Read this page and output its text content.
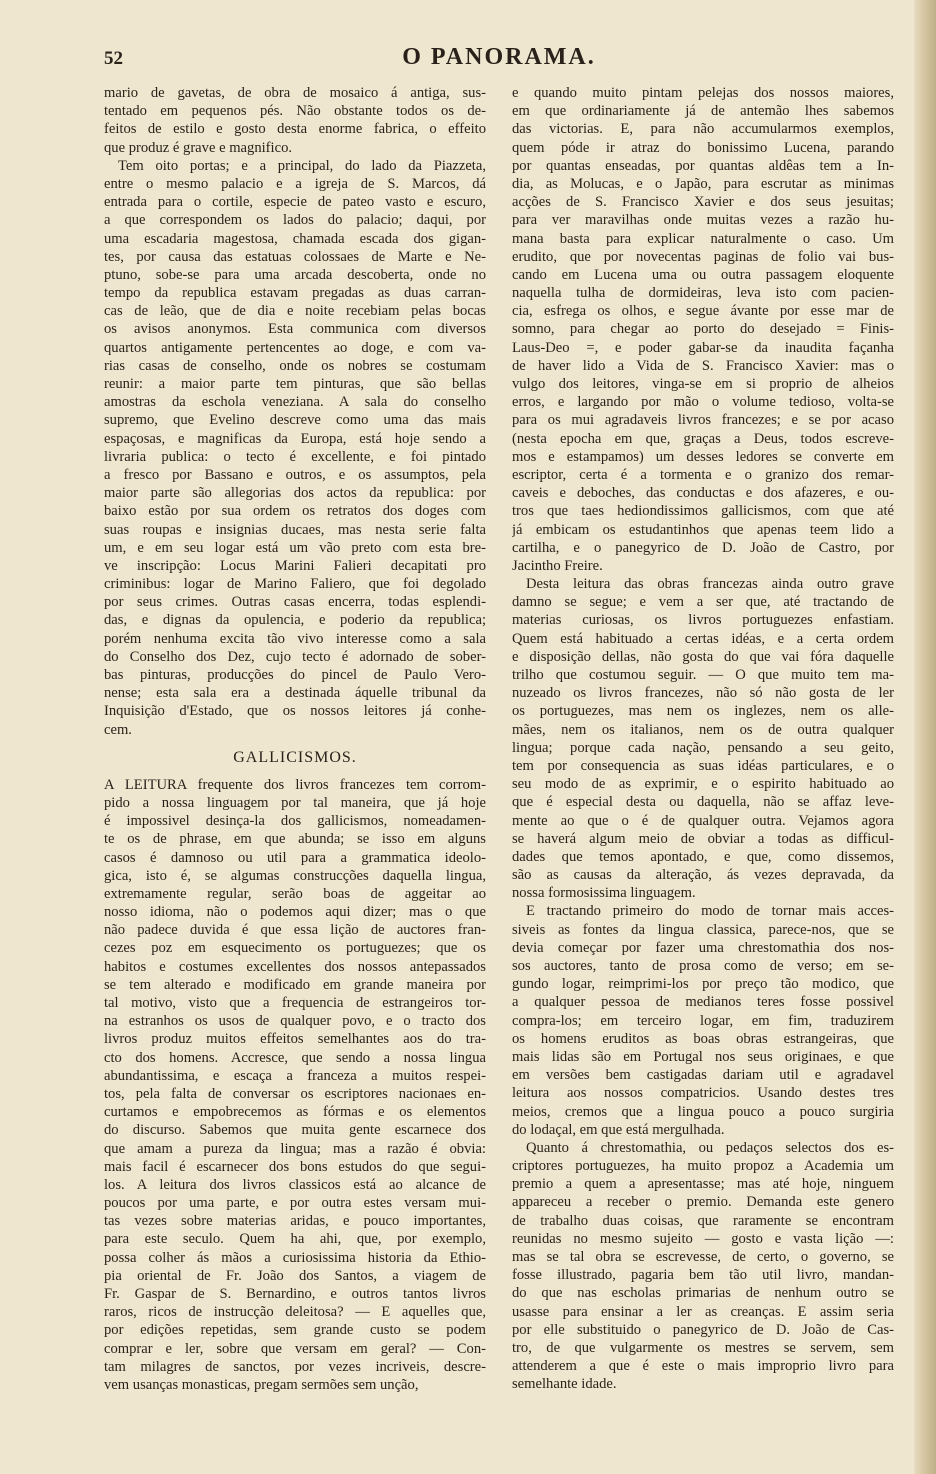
52	O PANORAMA.
mario de gavetas, de obra de mosaico á antiga, sus-
tentado em pequenos pés. Não obstante todos os de-
feitos de estilo e gosto desta enorme fabrica, o effeito
que produz é grave e magnifico.
Tem oito portas; e a principal, do lado da Piazzeta,
entre o mesmo palacio e a igreja de S. Marcos, dá
entrada para o cortile, especie de pateo vasto e escuro,
a que correspondem os lados do palacio; daqui, por
uma escadaria magestosa, chamada escada dos gigan-
tes, por causa das estatuas colossaes de Marte e Ne-
ptuno, sobe-se para uma arcada descoberta, onde no
tempo da republica estavam pregadas as duas carran-
cas de leão, que de dia e noite recebiam pelas bocas
os avisos anonymos. Esta communica com diversos
quartos antigamente pertencentes ao doge, e com va-
rias casas de conselho, onde os nobres se costumam
reunir: a maior parte tem pinturas, que são bellas
amostras da eschola veneziana. A sala do conselho
supremo, que Evelino descreve como uma das mais
espaçosas, e magnificas da Europa, está hoje sendo a
livraria publica: o tecto é excellente, e foi pintado
a fresco por Bassano e outros, e os assumptos, pela
maior parte são allegorias dos actos da republica: por
baixo estão por sua ordem os retratos dos doges com
suas roupas e insignias ducaes, mas nesta serie falta
um, e em seu logar está um vão preto com esta bre-
ve inscripção: Locus Marini Falieri decapitati pro
criminibus: logar de Marino Faliero, que foi degolado
por seus crimes. Outras casas encerra, todas esplendi-
das, e dignas da opulencia, e poderio da republica;
porém nenhuma excita tão vivo interesse como a sala
do Conselho dos Dez, cujo tecto é adornado de sober-
bas pinturas, producções do pincel de Paulo Vero-
nense; esta sala era a destinada áquelle tribunal da
Inquisição d'Estado, que os nossos leitores já conhe-
cem.
GALLICISMOS.
A LEITURA frequente dos livros francezes tem corrom-
pido a nossa linguagem por tal maneira, que já hoje
é impossivel desinça-la dos gallicismos, nomeadamen-
te os de phrase, em que abunda; se isso em alguns
casos é damnoso ou util para a grammatica ideolo-
gica, isto é, se algumas construcções daquella lingua,
extremamente regular, serão boas de aggeitar ao
nosso idioma, não o podemos aqui dizer; mas o que
não padece duvida é que essa lição de auctores fran-
cezes poz em esquecimento os portuguezes; que os
habitos e costumes excellentes dos nossos antepassados
se tem alterado e modificado em grande maneira por
tal motivo, visto que a frequencia de estrangeiros tor-
na estranhos os usos de qualquer povo, e o tracto dos
livros produz muitos effeitos semelhantes aos do tra-
cto dos homens. Accresce, que sendo a nossa lingua
abundantissima, e escaça a franceza a muitos respei-
tos, pela falta de conversar os escriptores nacionaes en-
curtamos e empobrecemos as fórmas e os elementos
do discurso. Sabemos que muita gente escarnece dos
que amam a pureza da lingua; mas a razão é obvia:
mais facil é escarnecer dos bons estudos do que segui-
los. A leitura dos livros classicos está ao alcance de
poucos por uma parte, e por outra estes versam mui-
tas vezes sobre materias aridas, e pouco importantes,
para este seculo. Quem ha ahi, que, por exemplo,
possa colher ás mãos a curiosissima historia da Ethio-
pia oriental de Fr. João dos Santos, a viagem de
Fr. Gaspar de S. Bernardino, e outros tantos livros
raros, ricos de instrucção deleitosa? — E aquelles que,
por edições repetidas, sem grande custo se podem
comprar e ler, sobre que versam em geral? — Con-
tam milagres de sanctos, por vezes incriveis, descre-
vem usanças monasticas, pregam sermões sem unção,
e quando muito pintam pelejas dos nossos maiores,
em que ordinariamente já de antemão lhes sabemos
das victorias. E, para não accumularmos exemplos,
quem póde ir atraz do bonissimo Lucena, parando
por quantas enseadas, por quantas aldêas tem a In-
dia, as Molucas, e o Japão, para escrutar as minimas
acções de S. Francisco Xavier e dos seus jesuitas;
para ver maravilhas onde muitas vezes a razão hu-
mana basta para explicar naturalmente o caso. Um
erudito, que por novecentas paginas de folio vai bus-
cando em Lucena uma ou outra passagem eloquente
naquella tulha de dormideiras, leva isto com pacien-
cia, esfrega os olhos, e segue ávante por esse mar de
somno, para chegar ao porto do desejado = Finis-
Laus-Deo =, e poder gabar-se da inaudita façanha
de haver lido a Vida de S. Francisco Xavier: mas o
vulgo dos leitores, vinga-se em si proprio de alheios
erros, e largando por mão o volume tedioso, volta-se
para os mui agradaveis livros francezes; e se por acaso
(nesta epocha em que, graças a Deus, todos escreve-
mos e estampamos) um desses ledores se converte em
escriptor, certa é a tormenta e o granizo dos remar-
caveis e deboches, das conductas e dos afazeres, e ou-
tros que taes hediondissimos gallicismos, com que até
já embicam os estudantinhos que apenas teem lido a
cartilha, e o panegyrico de D. João de Castro, por
Jacintho Freire.
Desta leitura das obras francezas ainda outro grave
damno se segue; e vem a ser que, até tractando de
materias curiosas, os livros portuguezes enfastiam.
Quem está habituado a certas idéas, e a certa ordem
e disposição dellas, não gosta do que vai fóra daquelle
trilho que costumou seguir. — O que muito tem ma-
nuzeado os livros francezes, não só não gosta de ler
os portuguezes, mas nem os inglezes, nem os alle-
mães, nem os italianos, nem os de outra qualquer
lingua; porque cada nação, pensando a seu geito,
tem por consequencia as suas idéas particulares, e o
seu modo de as exprimir, e o espirito habituado ao
que é especial desta ou daquella, não se affaz leve-
mente ao que o é de qualquer outra. Vejamos agora
se haverá algum meio de obviar a todas as difficul-
dades que temos apontado, e que, como dissemos,
são as causas da alteração, ás vezes depravada, da
nossa formosissima linguagem.
E tractando primeiro do modo de tornar mais acces-
siveis as fontes da lingua classica, parece-nos, que se
devia começar por fazer uma chrestomathia dos nos-
sos auctores, tanto de prosa como de verso; em se-
gundo logar, reimprimi-los por preço tão modico, que
a qualquer pessoa de medianos teres fosse possivel
compra-los; em terceiro logar, em fim, traduzirem
os homens eruditos as boas obras estrangeiras, que
mais lidas são em Portugal nos seus originaes, e que
em versões bem castigadas dariam util e agradavel
leitura aos nossos compatricios. Usando destes tres
meios, cremos que a lingua pouco a pouco surgiria
do lodaçal, em que está mergulhada.
Quanto á chrestomathia, ou pedaços selectos dos es-
criptores portuguezes, ha muito propoz a Academia um
premio a quem a apresentasse; mas até hoje, ninguem
appareceu a receber o premio. Demanda este genero
de trabalho duas coisas, que raramente se encontram
reunidas no mesmo sujeito — gosto e vasta lição —:
mas se tal obra se escrevesse, de certo, o governo, se
fosse illustrado, pagaria bem tão util livro, mandan-
do que nas escholas primarias de nenhum outro se
usasse para ensinar a ler as creanças. E assim seria
por elle substituido o panegyrico de D. João de Cas-
tro, de que vulgarmente os mestres se servem, sem
attenderem a que é este o mais improprio livro para
semelhante idade.
